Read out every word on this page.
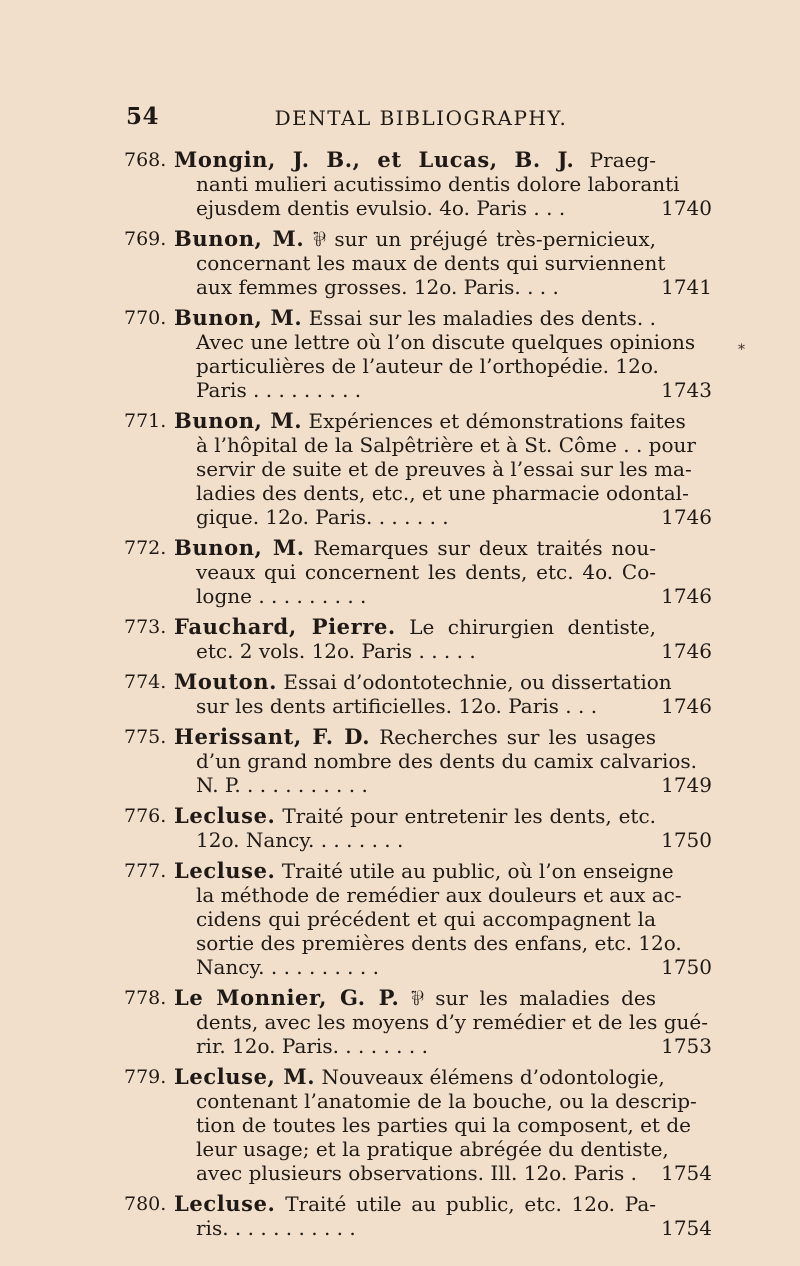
54	DENTAL BIBLIOGRAPHY.
768. Mongin, J. B., et Lucas, B. J. Praeg-
nanti mulieri acutissimo dentis dolore laboranti
ejusdem dentis evulsio. 4o. Paris . . .	1740
769. Bunon, M. ⅌ sur un préjugé très-pernicieux,
concernant les maux de dents qui surviennent
aux femmes grosses. 12o. Paris. . . .	1741
770. Bunon, M. Essai sur les maladies des dents. .
Avec une lettre où l’on discute quelques opinions
particulières de l’auteur de l’orthopédie. 12o.
Paris . . . . . . . . .	1743
771. Bunon, M. Expériences et démonstrations faites
à l’hôpital de la Salpêtrière et à St. Côme . . pour
servir de suite et de preuves à l’essai sur les ma-
ladies des dents, etc., et une pharmacie odontal-
gique. 12o. Paris. . . . . . .	1746
772. Bunon, M. Remarques sur deux traités nou-
veaux qui concernent les dents, etc. 4o. Co-
logne . . . . . . . . .	1746
773. Fauchard, Pierre. Le chirurgien dentiste,
etc. 2 vols. 12o. Paris . . . . .	1746
774. Mouton. Essai d’odontotechnie, ou dissertation
sur les dents artificielles. 12o. Paris . . .	1746
775. Herissant, F. D. Recherches sur les usages
d’un grand nombre des dents du camix calvarios.
N. P. . . . . . . . . . .	1749
776. Lecluse. Traité pour entretenir les dents, etc.
12o. Nancy. . . . . . . .	1750
777. Lecluse. Traité utile au public, où l’on enseigne
la méthode de remédier aux douleurs et aux ac-
cidens qui précédent et qui accompagnent la
sortie des premières dents des enfans, etc. 12o.
Nancy. . . . . . . . . .	1750
778. Le Monnier, G. P. ⅌ sur les maladies des
dents, avec les moyens d’y remédier et de les gué-
rir. 12o. Paris. . . . . . . .	1753
779. Lecluse, M. Nouveaux élémens d’odontologie,
contenant l’anatomie de la bouche, ou la descrip-
tion de toutes les parties qui la composent, et de
leur usage; et la pratique abrégée du dentiste,
avec plusieurs observations. Ill. 12o. Paris .	1754
780. Lecluse. Traité utile au public, etc. 12o. Pa-
ris. . . . . . . . . . .	1754
*
